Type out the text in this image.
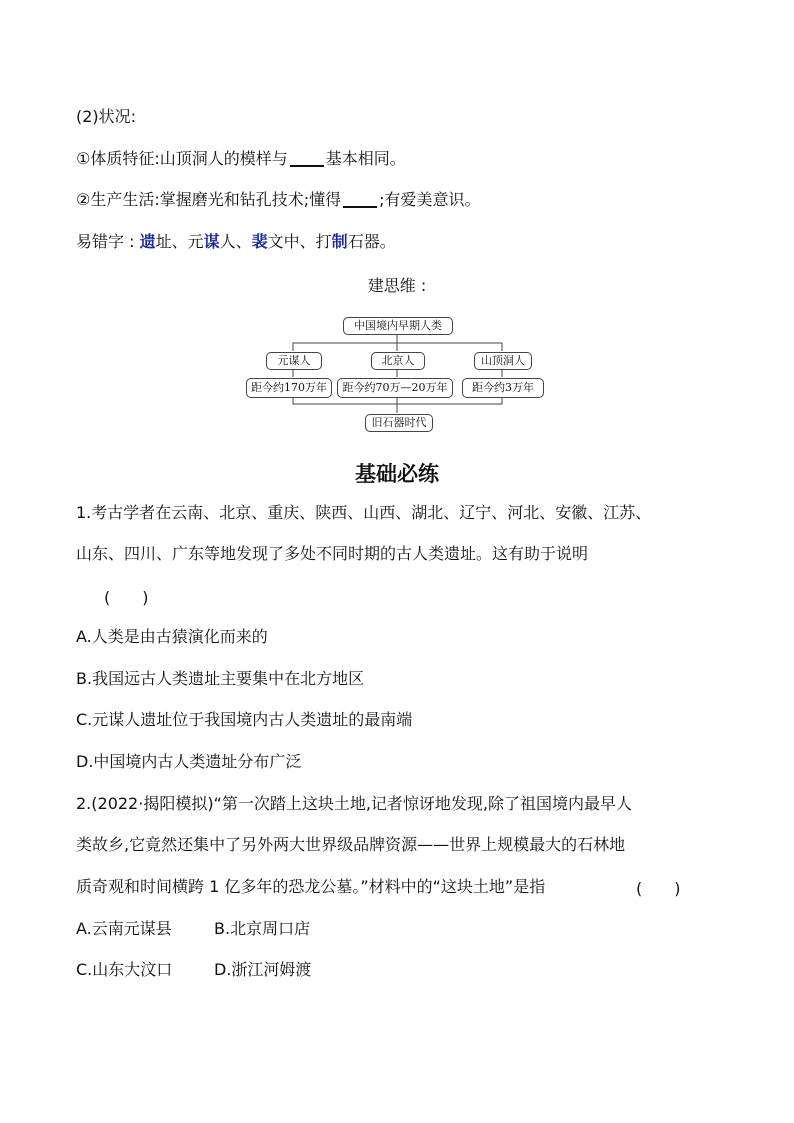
(2)状况:
①体质特征:山顶洞人的模样与 基本相同。
②生产生活:掌握磨光和钻孔技术;懂得 ;有爱美意识。
易错字 : 遗址、元谋人、裴文中、打制石器。
建思维 :
中国境内早期人类
元谋人	北京人	山顶洞人
距今约170万年	距今约70万—20万年	距今约3万年
旧石器时代
基础必练
1.考古学者在云南、北京、重庆、陕西、山西、湖北、辽宁、河北、安徽、江苏、
山东、四川、广东等地发现了多处不同时期的古人类遗址。这有助于说明
(　　)
A.人类是由古猿演化而来的
B.我国远古人类遗址主要集中在北方地区
C.元谋人遗址位于我国境内古人类遗址的最南端
D.中国境内古人类遗址分布广泛
2.(2022·揭阳模拟)“第一次踏上这块土地,记者惊讶地发现,除了祖国境内最早人
类故乡,它竟然还集中了另外两大世界级品牌资源——世界上规模最大的石林地
质奇观和时间横跨 1 亿多年的恐龙公墓。”材料中的“这块土地”是指	(　　)
A.云南元谋县	B.北京周口店
C.山东大汶口	D.浙江河姆渡
